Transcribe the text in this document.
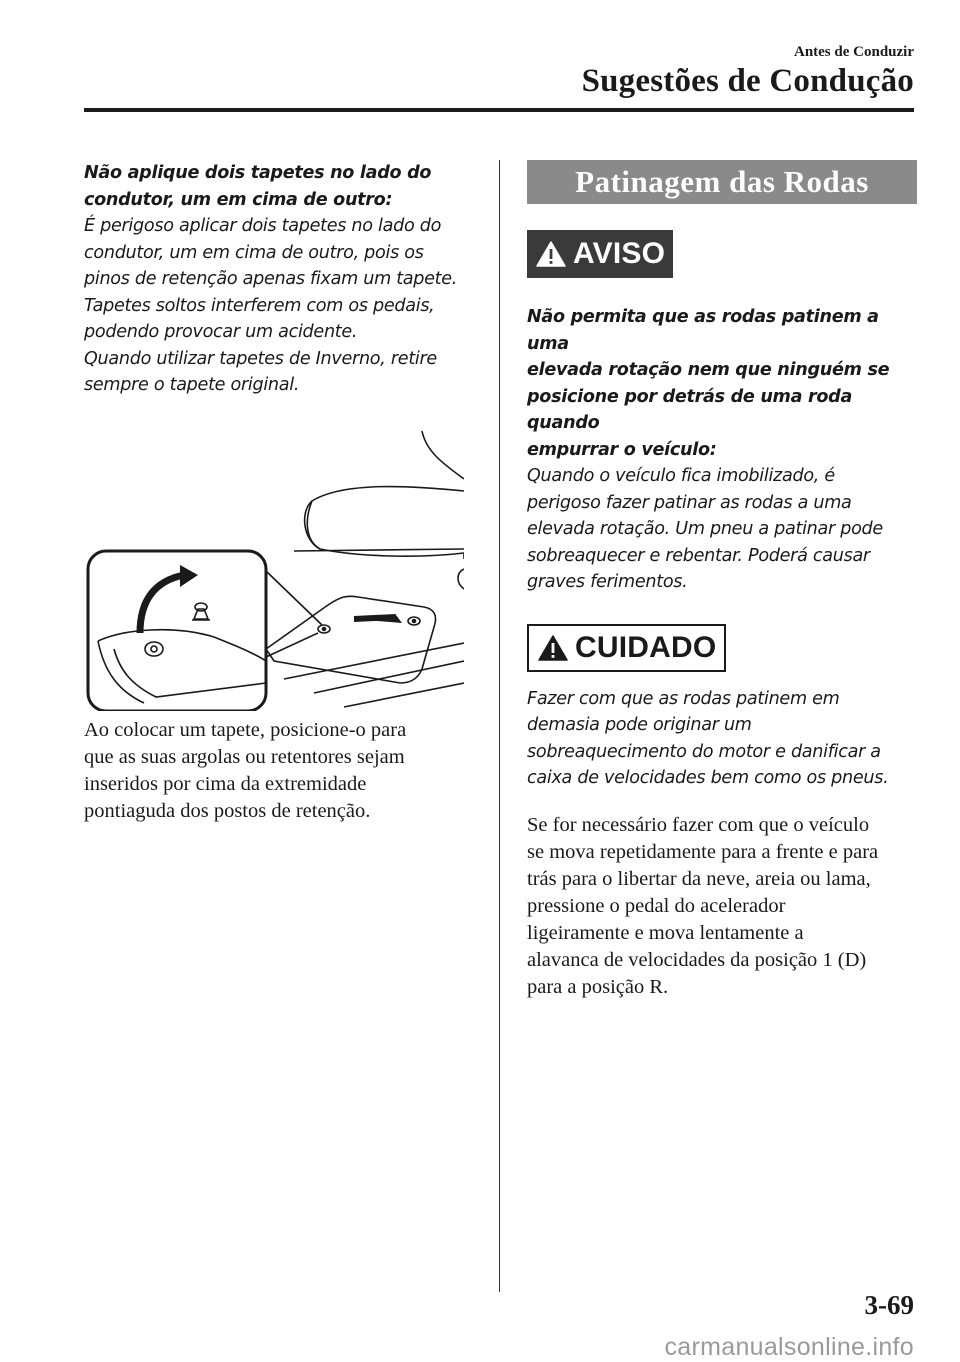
Antes de Conduzir
Sugestões de Condução

Não aplique dois tapetes no lado do

condutor, um em cima de outro:

É perigoso aplicar dois tapetes no lado do

condutor, um em cima de outro, pois os

pinos de retenção apenas fixam um tapete.

Tapetes soltos interferem com os pedais,

podendo provocar um acidente.

Quando utilizar tapetes de Inverno, retire

sempre o tapete original.

Ao colocar um tapete, posicione-o para

que as suas argolas ou retentores sejam

inseridos por cima da extremidade

pontiaguda dos postos de retenção.

Patinagem das Rodas
AVISO

Não permita que as rodas patinem a uma

elevada rotação nem que ninguém se

posicione por detrás de uma roda quando

empurrar o veículo:

Quando o veículo fica imobilizado, é

perigoso fazer patinar as rodas a uma

elevada rotação. Um pneu a patinar pode

sobreaquecer e rebentar. Poderá causar

graves ferimentos.

CUIDADO

Fazer com que as rodas patinem em

demasia pode originar um

sobreaquecimento do motor e danificar a

caixa de velocidades bem como os pneus.

Se for necessário fazer com que o veículo

se mova repetidamente para a frente e para

trás para o libertar da neve, areia ou lama,

pressione o pedal do acelerador

ligeiramente e mova lentamente a

alavanca de velocidades da posição 1 (D)

para a posição R.

3-69
carmanualsonline.info
